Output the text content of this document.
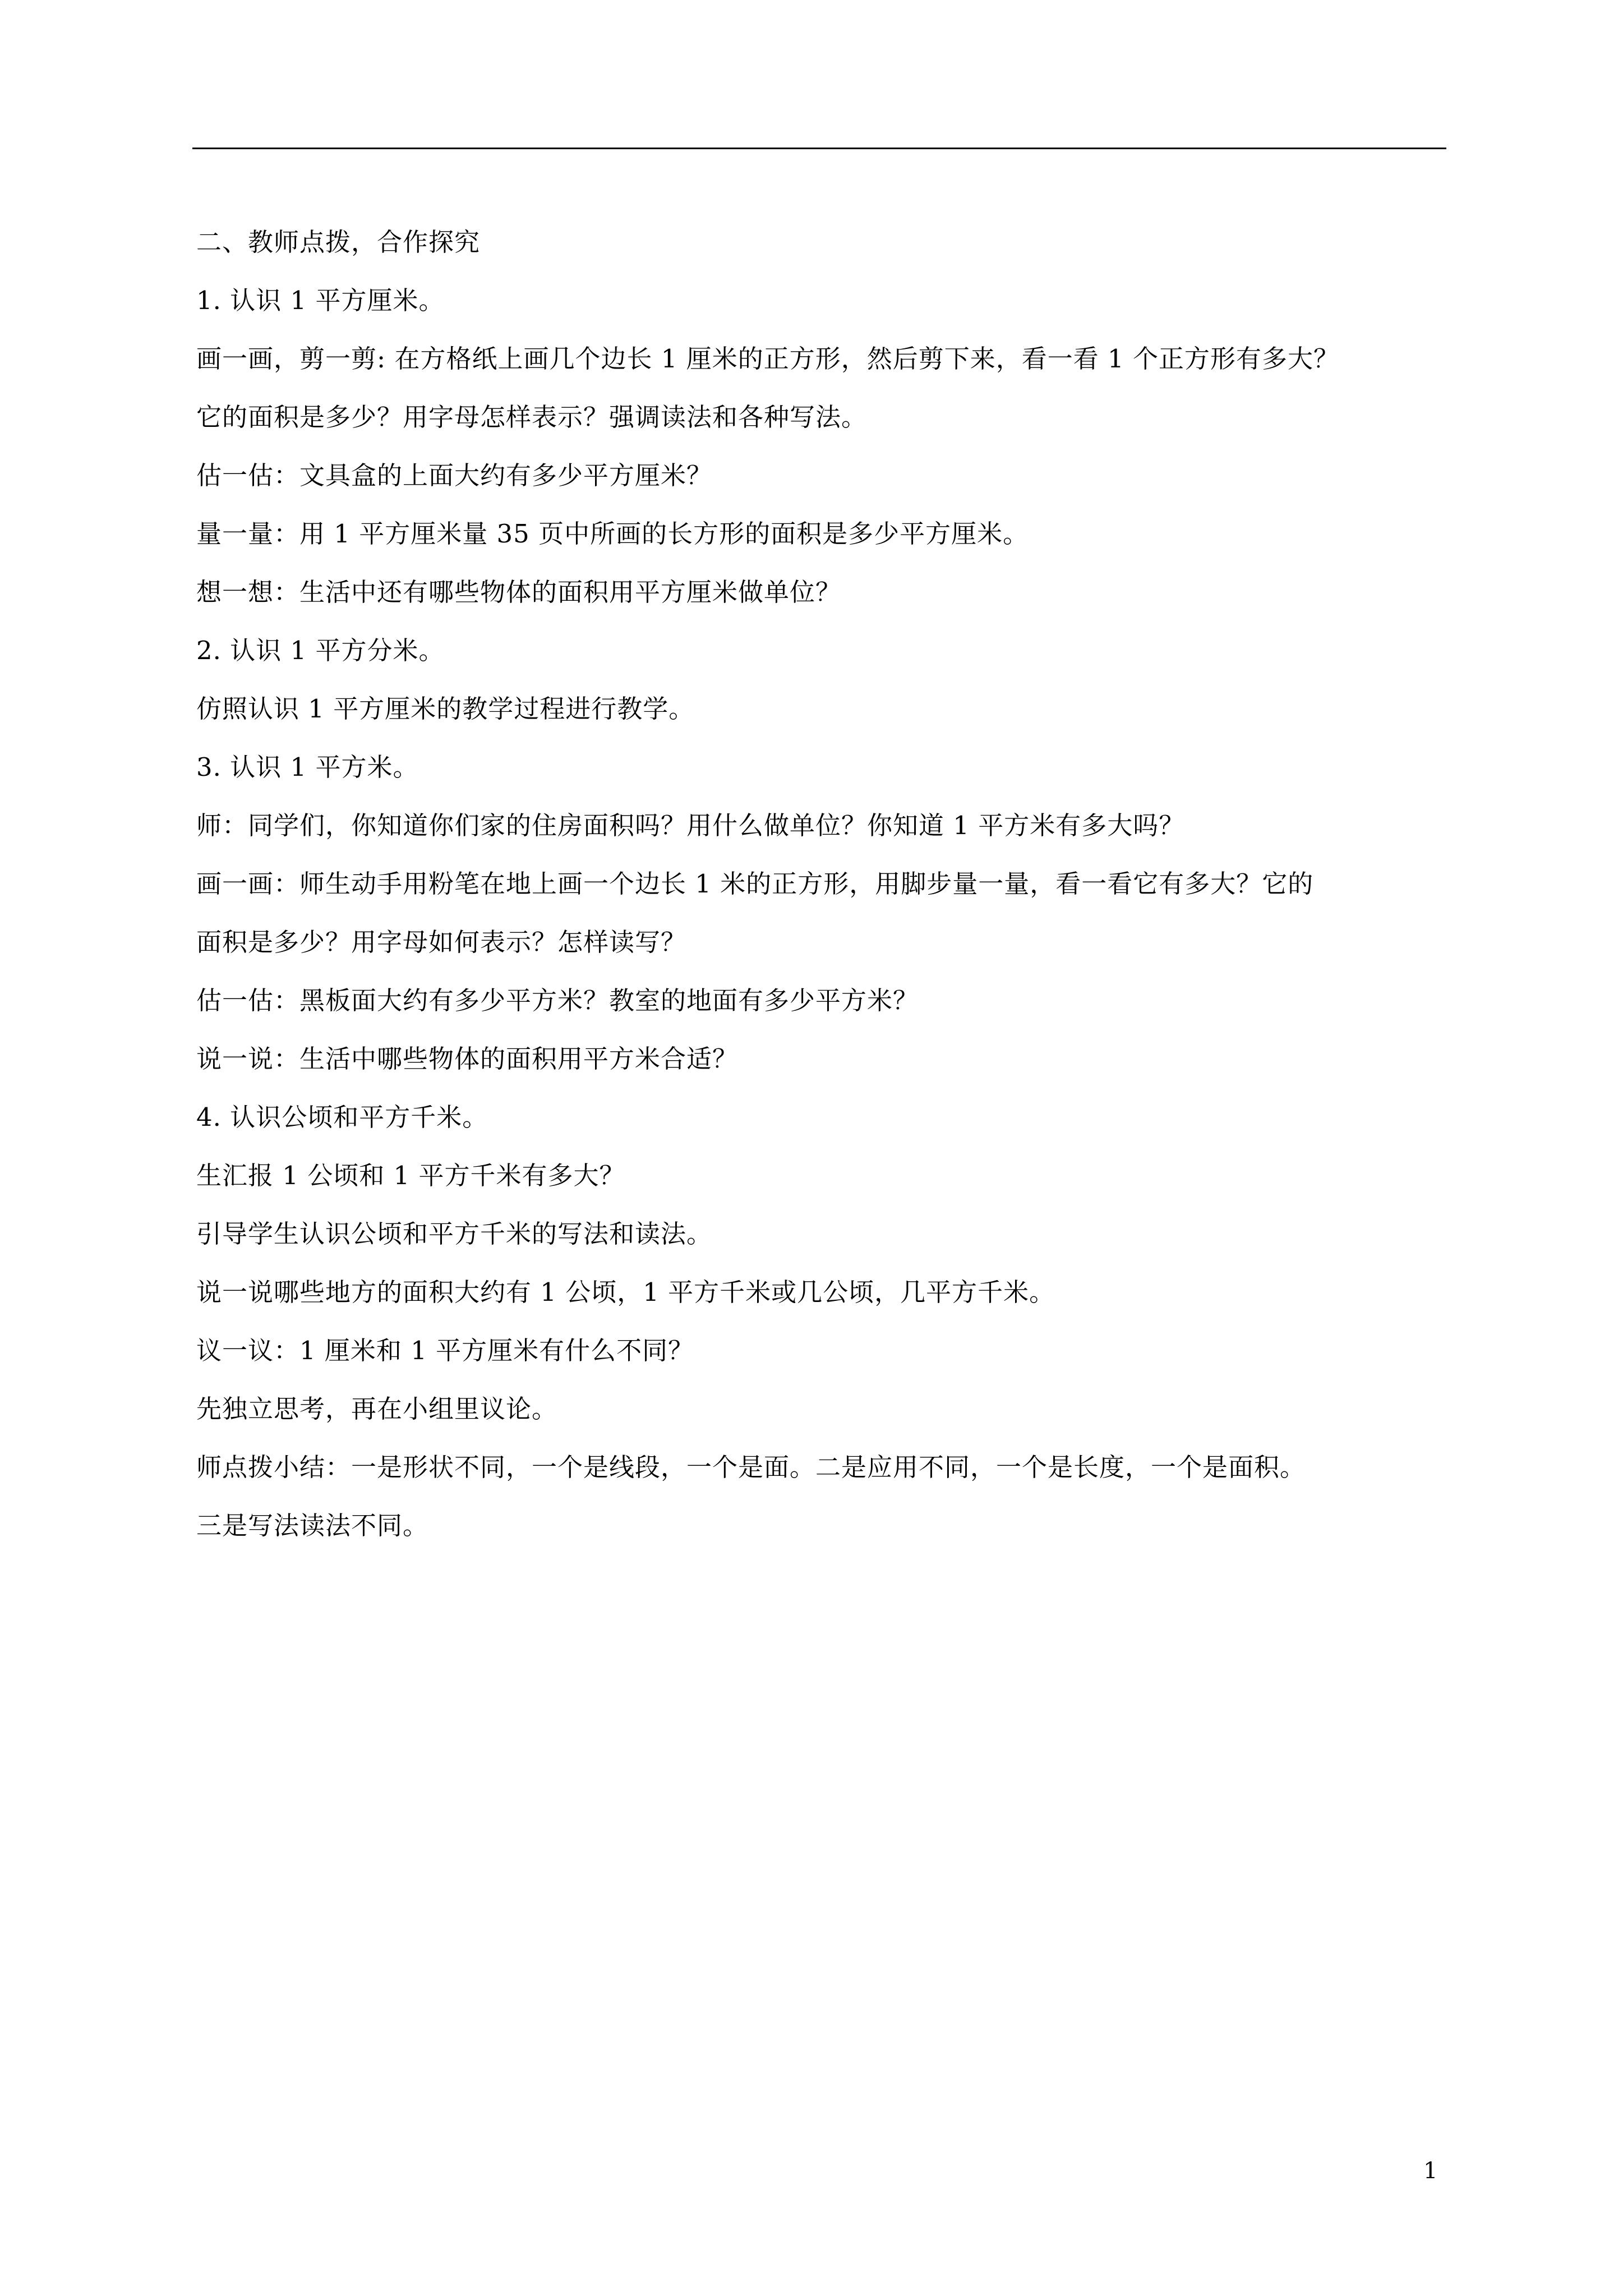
二、教师点拨，合作探究

1. 认识 1 平方厘米。

画一画，剪一剪: 在方格纸上画几个边长 1 厘米的正方形，然后剪下来，看一看 1 个正方形有多大？

它的面积是多少？用字母怎样表示？强调读法和各种写法。

估一估：文具盒的上面大约有多少平方厘米？

量一量：用 1 平方厘米量 35 页中所画的长方形的面积是多少平方厘米。

想一想：生活中还有哪些物体的面积用平方厘米做单位？

2. 认识 1 平方分米。

仿照认识 1 平方厘米的教学过程进行教学。

3. 认识 1 平方米。

师：同学们，你知道你们家的住房面积吗？用什么做单位？你知道 1 平方米有多大吗？

画一画：师生动手用粉笔在地上画一个边长 1 米的正方形，用脚步量一量，看一看它有多大？它的

面积是多少？用字母如何表示？怎样读写？

估一估：黑板面大约有多少平方米？教室的地面有多少平方米？

说一说：生活中哪些物体的面积用平方米合适？

4. 认识公顷和平方千米。

生汇报 1 公顷和 1 平方千米有多大？

引导学生认识公顷和平方千米的写法和读法。

说一说哪些地方的面积大约有 1 公顷，1 平方千米或几公顷，几平方千米。

议一议：1 厘米和 1 平方厘米有什么不同？

先独立思考，再在小组里议论。

师点拨小结：一是形状不同，一个是线段，一个是面。二是应用不同，一个是长度，一个是面积。

三是写法读法不同。

1
